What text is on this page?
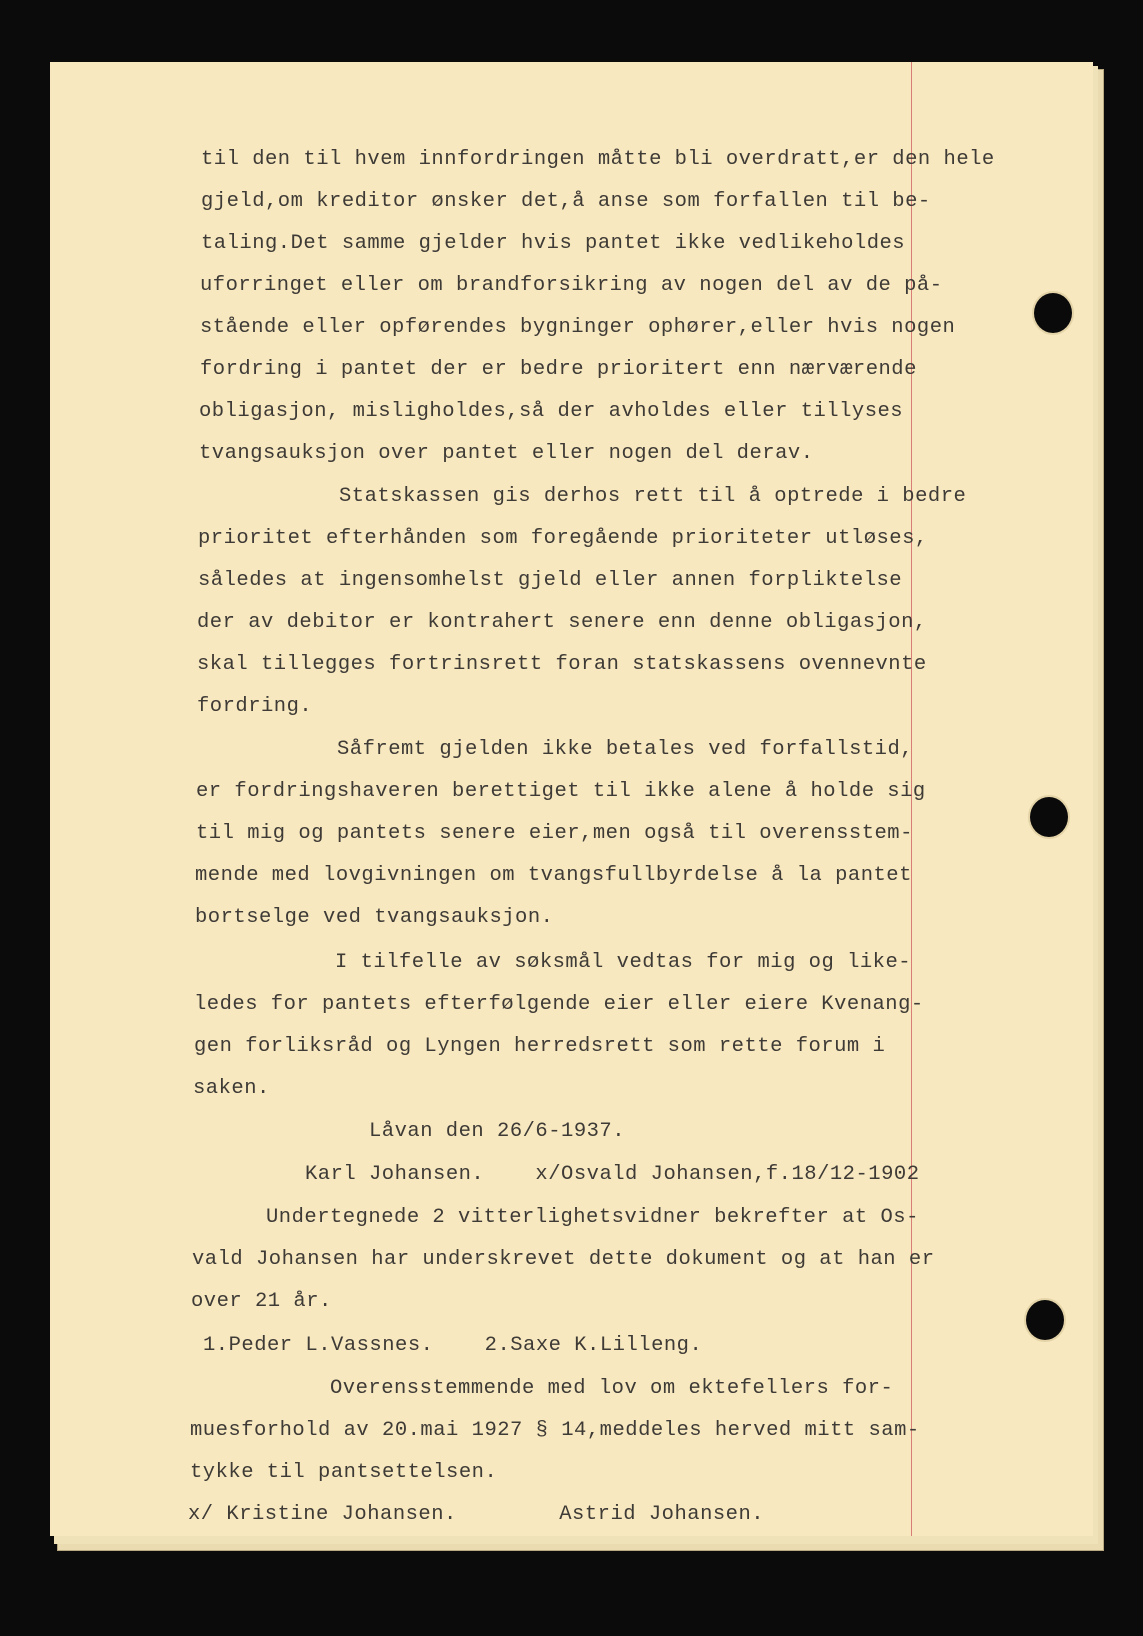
til den til hvem innfordringen måtte bli overdratt,er den hele
gjeld,om kreditor ønsker det,å anse som forfallen til be-
taling.Det samme gjelder hvis pantet ikke vedlikeholdes
uforringet eller om brandforsikring av nogen del av de på-
stående eller opførendes bygninger ophører,eller hvis nogen
fordring i pantet der er bedre prioritert enn nærværende
obligasjon, misligholdes,så der avholdes eller tillyses
tvangsauksjon over pantet eller nogen del derav.
Statskassen gis derhos rett til å optrede i bedre
prioritet efterhånden som foregående prioriteter utløses,
således at ingensomhelst gjeld eller annen forpliktelse
der av debitor er kontrahert senere enn denne obligasjon,
skal tillegges fortrinsrett foran statskassens ovennevnte
fordring.
Såfremt gjelden ikke betales ved forfallstid,
er fordringshaveren berettiget til ikke alene å holde sig
til mig og pantets senere eier,men også til overensstem-
mende med lovgivningen om tvangsfullbyrdelse å la pantet
bortselge ved tvangsauksjon.
I tilfelle av søksmål vedtas for mig og like-
ledes for pantets efterfølgende eier eller eiere Kvenang-
gen forliksråd og Lyngen herredsrett som rette forum i
saken.
Låvan den 26/6-1937.
Karl Johansen.    x/Osvald Johansen,f.18/12-1902
Undertegnede 2 vitterlighetsvidner bekrefter at Os-
vald Johansen har underskrevet dette dokument og at han er
over 21 år.
1.Peder L.Vassnes.    2.Saxe K.Lilleng.
Overensstemmende med lov om ektefellers for-
muesforhold av 20.mai 1927 § 14,meddeles herved mitt sam-
tykke til pantsettelsen.
x/ Kristine Johansen.        Astrid Johansen.
